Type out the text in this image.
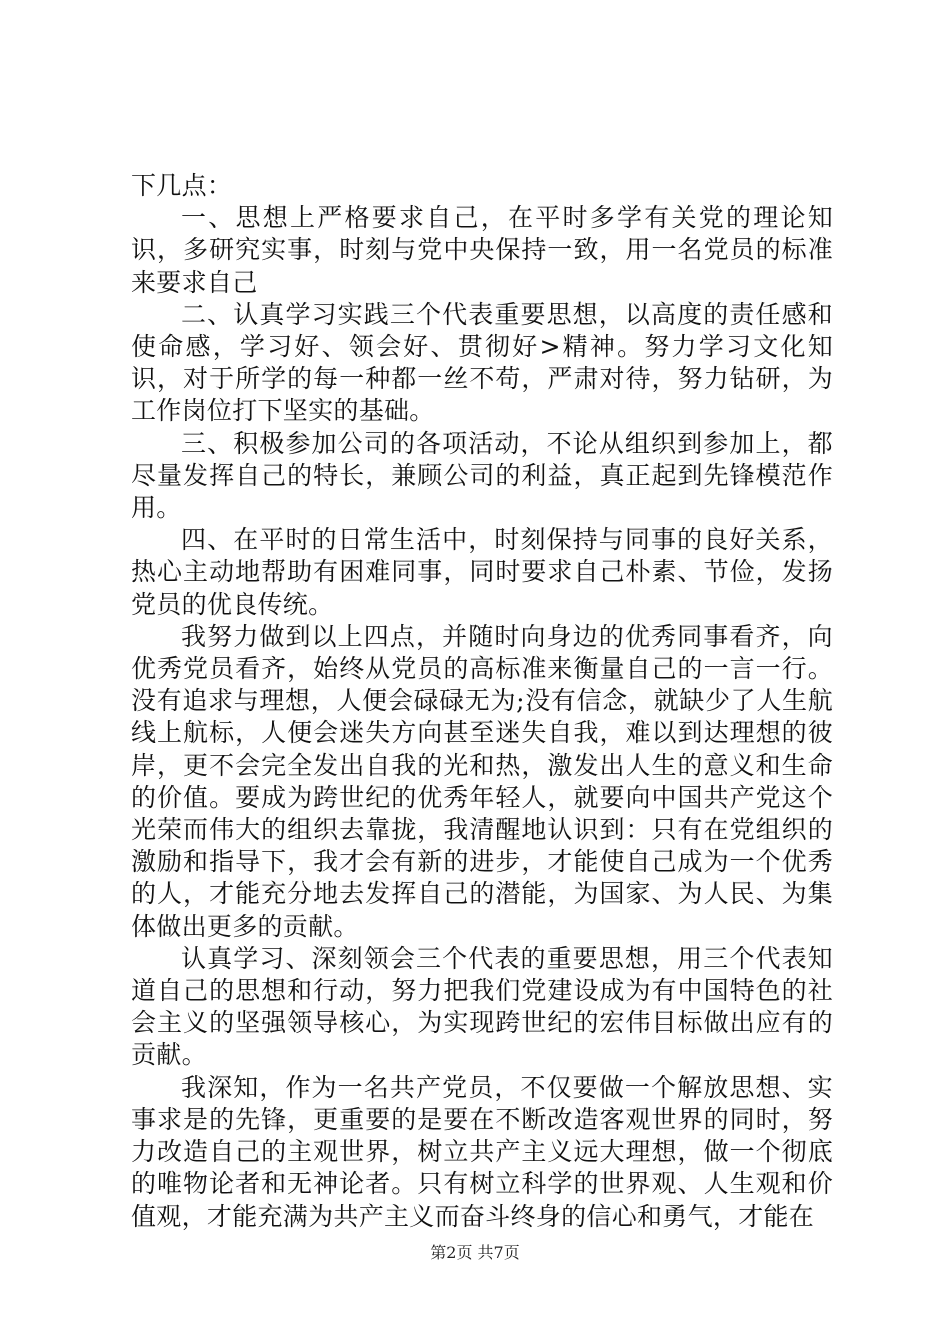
下几点：

一、思想上严格要求自己，在平时多学有关党的理论知识，多研究实事，时刻与党中央保持一致，用一名党员的标准来要求自己

二、认真学习实践三个代表重要思想，以高度的责任感和使命感，学习好、领会好、贯彻好>精神。努力学习文化知识，对于所学的每一种都一丝不苟，严肃对待，努力钻研，为工作岗位打下坚实的基础。

三、积极参加公司的各项活动，不论从组织到参加上，都尽量发挥自己的特长，兼顾公司的利益，真正起到先锋模范作用。

四、在平时的日常生活中，时刻保持与同事的良好关系，热心主动地帮助有困难同事，同时要求自己朴素、节俭，发扬党员的优良传统。

我努力做到以上四点，并随时向身边的优秀同事看齐，向优秀党员看齐，始终从党员的高标准来衡量自己的一言一行。没有追求与理想，人便会碌碌无为;没有信念，就缺少了人生航线上航标，人便会迷失方向甚至迷失自我，难以到达理想的彼岸，更不会完全发出自我的光和热，激发出人生的意义和生命的价值。要成为跨世纪的优秀年轻人，就要向中国共产党这个光荣而伟大的组织去靠拢，我清醒地认识到：只有在党组织的激励和指导下，我才会有新的进步，才能使自己成为一个优秀的人，才能充分地去发挥自己的潜能，为国家、为人民、为集体做出更多的贡献。

认真学习、深刻领会三个代表的重要思想，用三个代表知道自己的思想和行动，努力把我们党建设成为有中国特色的社会主义的坚强领导核心，为实现跨世纪的宏伟目标做出应有的贡献。

我深知，作为一名共产党员，不仅要做一个解放思想、实事求是的先锋，更重要的是要在不断改造客观世界的同时，努力改造自己的主观世界，树立共产主义远大理想，做一个彻底的唯物论者和无神论者。只有树立科学的世界观、人生观和价值观，才能充满为共产主义而奋斗终身的信心和勇气，才能在

第2页 共7页
